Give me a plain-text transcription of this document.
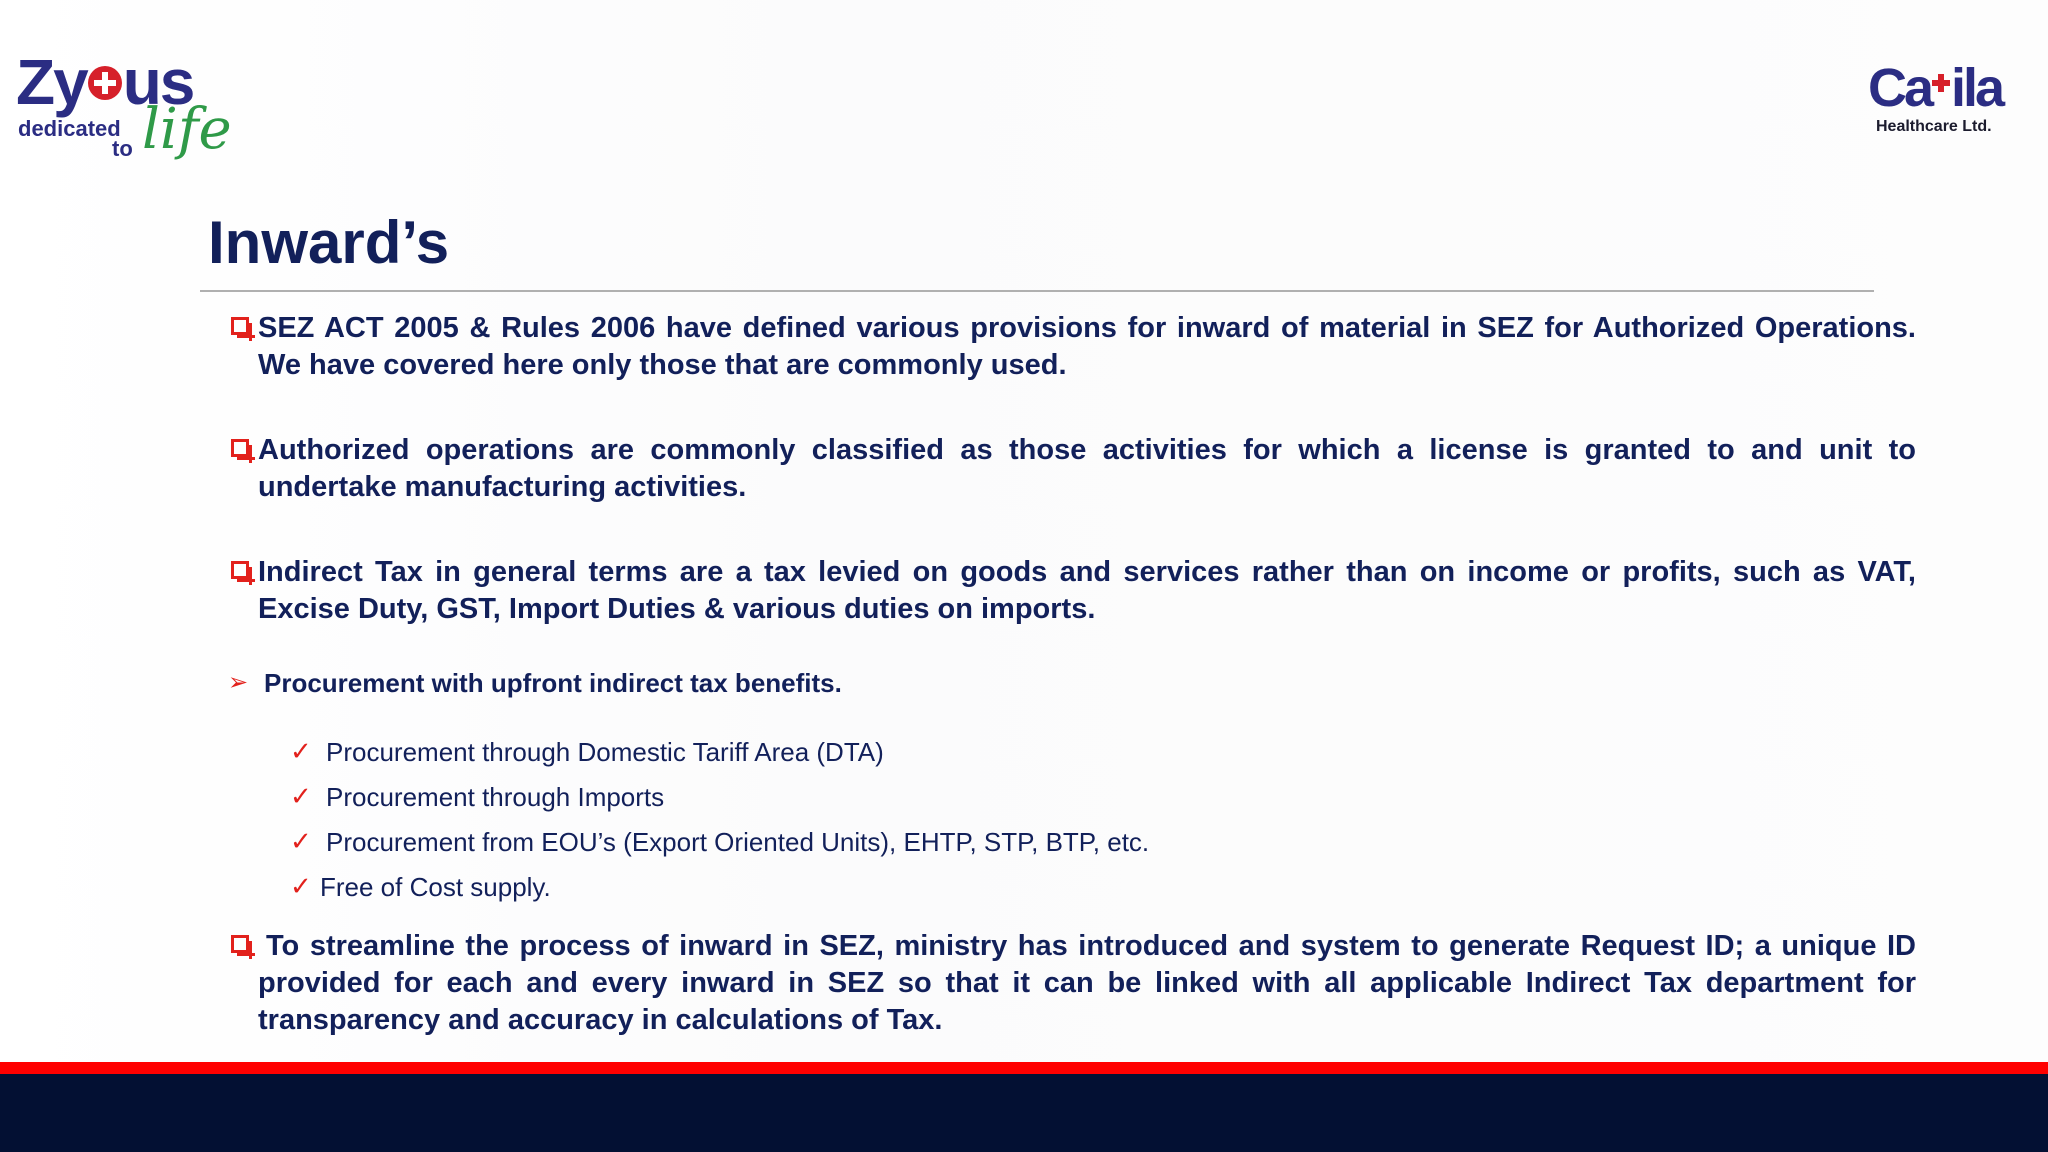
Zy us
dedicated
to life
Ca ila
Healthcare Ltd.
Inward’s
SEZ ACT 2005 & Rules 2006 have defined various provisions for inward of material in SEZ for Authorized Operations. We have covered here only those that are commonly used.
Authorized operations are commonly classified as those activities for which a license is granted to and unit to undertake manufacturing activities.
Indirect Tax in general terms are a tax levied on goods and services rather than on income or profits, such as VAT, Excise Duty, GST, Import Duties & various duties on imports.
➢ Procurement with upfront indirect tax benefits.
✓ Procurement through Domestic Tariff Area (DTA)
✓ Procurement through Imports
✓ Procurement from EOU’s (Export Oriented Units), EHTP, STP, BTP, etc.
✓ Free of Cost supply.
To streamline the process of inward in SEZ, ministry has introduced and system to generate Request ID; a unique ID provided for each and every inward in SEZ so that it can be linked with all applicable Indirect Tax department for transparency and accuracy in calculations of Tax.
